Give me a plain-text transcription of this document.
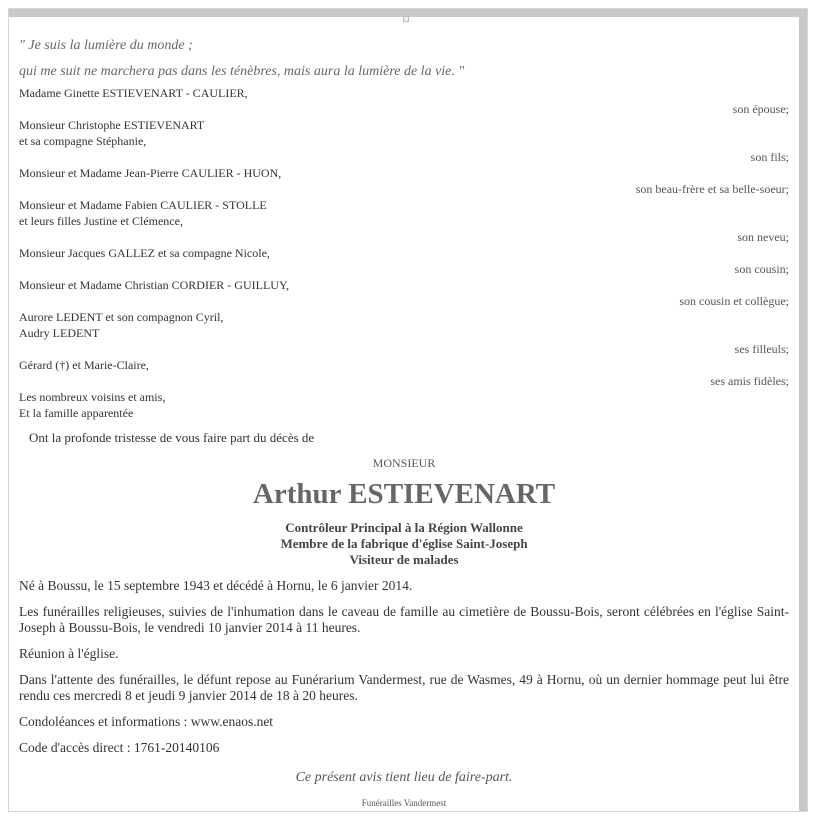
" Je suis la lumière du monde ;

qui me suit ne marchera pas dans les ténèbres, mais aura la lumière de la vie. "

Madame Ginette ESTIEVENART - CAULIER,
son épouse;
Monsieur Christophe ESTIEVENART
et sa compagne Stéphanie,
son fils;
Monsieur et Madame Jean-Pierre CAULIER - HUON,
son beau-frère et sa belle-soeur;
Monsieur et Madame Fabien CAULIER - STOLLE
et leurs filles Justine et Clémence,
son neveu;
Monsieur Jacques GALLEZ et sa compagne Nicole,
son cousin;
Monsieur et Madame Christian CORDIER - GUILLUY,
son cousin et collègue;
Aurore LEDENT et son compagnon Cyril,
Audry LEDENT
ses filleuls;
Gérard (†) et Marie-Claire,
ses amis fidèles;
Les nombreux voisins et amis,
Et la famille apparentée
Ont la profonde tristesse de vous faire part du décès de
MONSIEUR
Arthur ESTIEVENART
Contrôleur Principal à la Région Wallonne
Membre de la fabrique d'église Saint-Joseph
Visiteur de malades
Né à Boussu, le 15 septembre 1943 et décédé à Hornu, le 6 janvier 2014.
Les funérailles religieuses, suivies de l'inhumation dans le caveau de famille au cimetière de Boussu-Bois, seront célébrées en l'église Saint-Joseph à Boussu-Bois, le vendredi 10 janvier 2014 à 11 heures.
Réunion à l'église.
Dans l'attente des funérailles, le défunt repose au Funérarium Vandermest, rue de Wasmes, 49 à Hornu, où un dernier hommage peut lui être rendu ces mercredi 8 et jeudi 9 janvier 2014 de 18 à 20 heures.
Condoléances et informations : www.enaos.net
Code d'accès direct : 1761-20140106
Ce présent avis tient lieu de faire-part.
Funérailles Vandermest
